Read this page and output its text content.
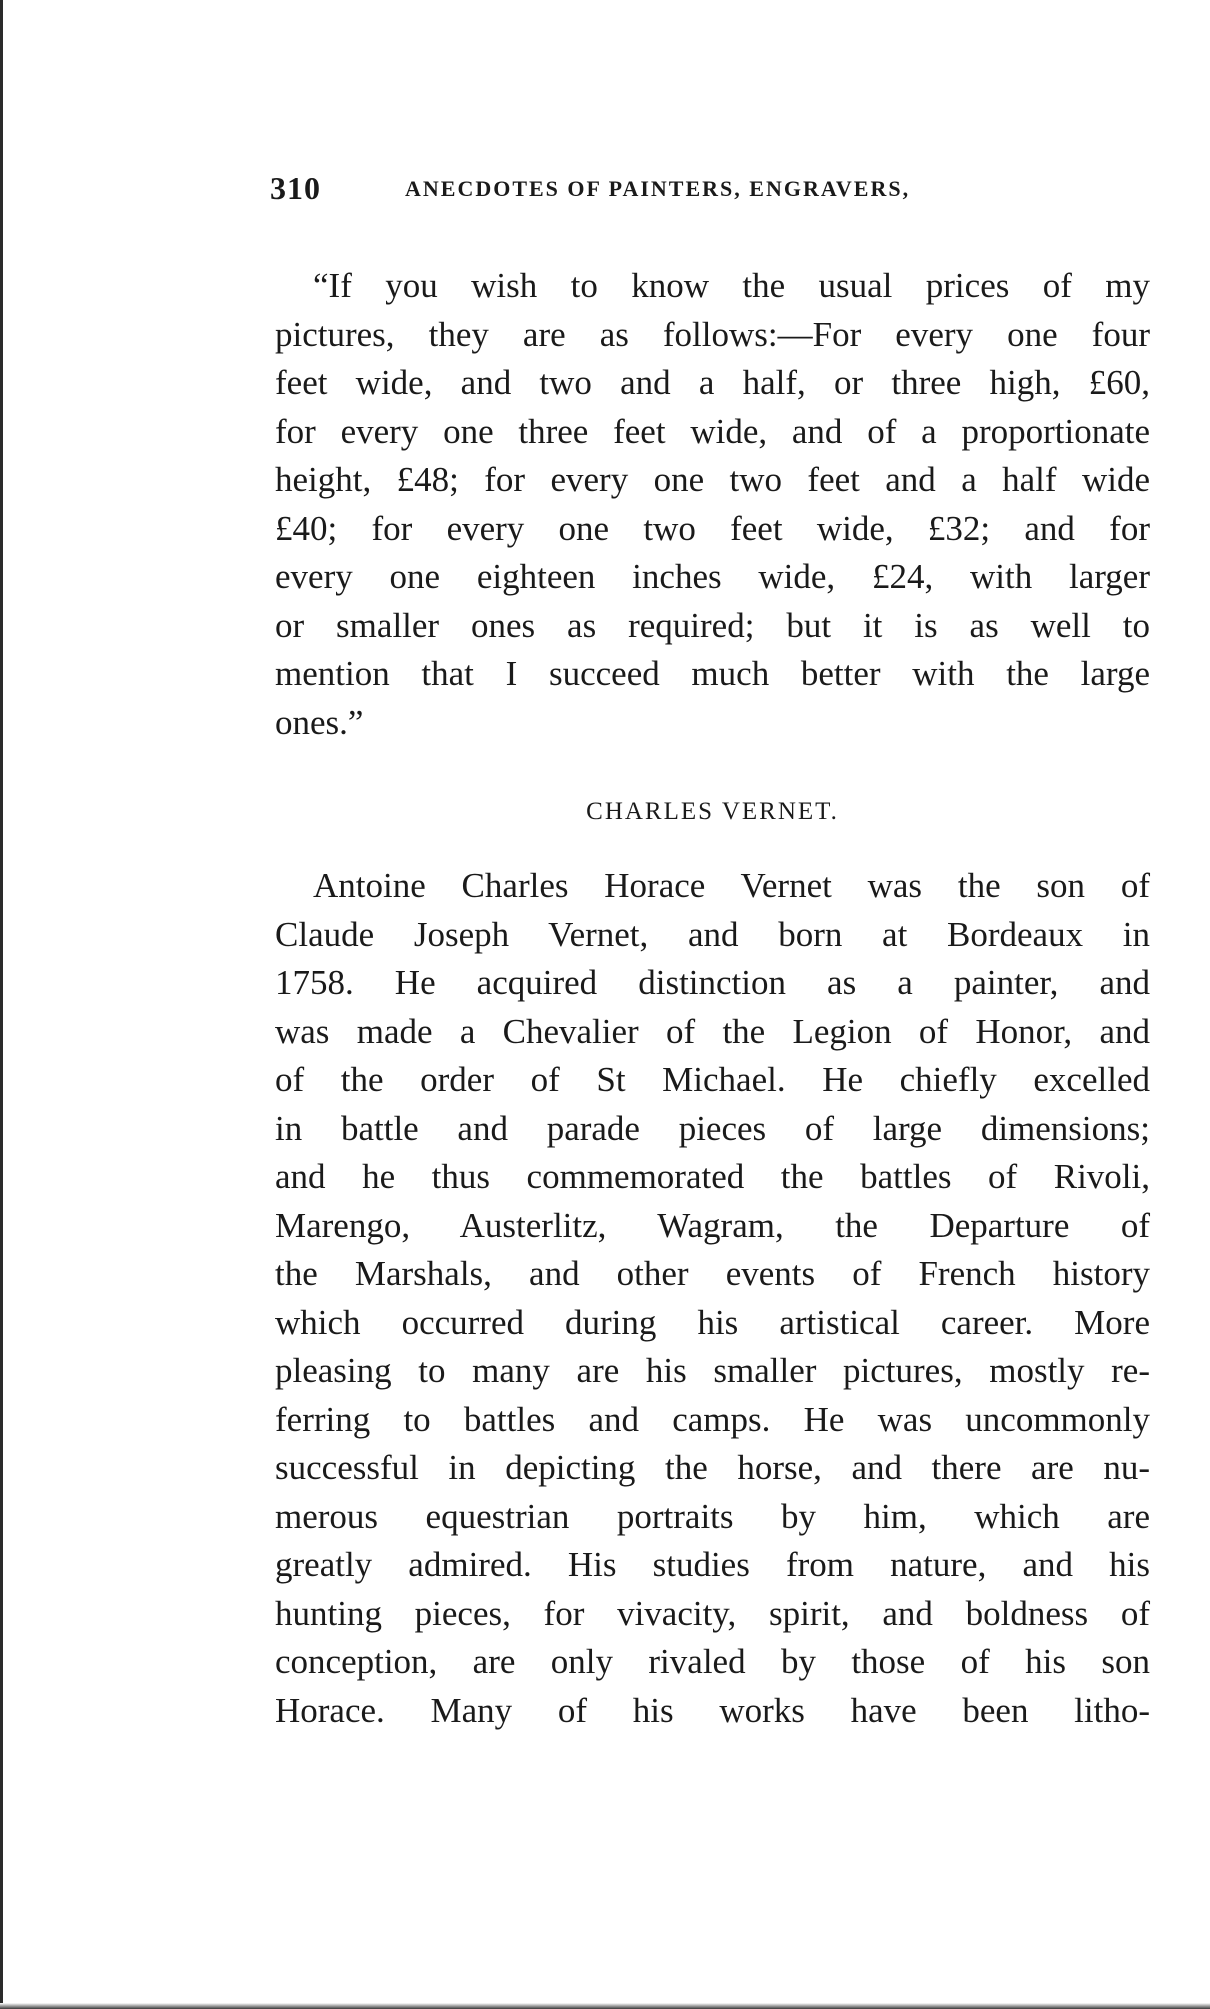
310	ANECDOTES OF PAINTERS, ENGRAVERS,
“If you wish to know the usual prices of my
pictures, they are as follows:—For every one four
feet wide, and two and a half, or three high, £60,
for every one three feet wide, and of a proportionate
height, £48; for every one two feet and a half wide
£40; for every one two feet wide, £32; and for
every one eighteen inches wide, £24, with larger
or smaller ones as required; but it is as well to
mention that I succeed much better with the large
ones.”
CHARLES VERNET.
Antoine Charles Horace Vernet was the son of
Claude Joseph Vernet, and born at Bordeaux in
1758. He acquired distinction as a painter, and
was made a Chevalier of the Legion of Honor, and
of the order of St Michael. He chiefly excelled
in battle and parade pieces of large dimensions;
and he thus commemorated the battles of Rivoli,
Marengo, Austerlitz, Wagram, the Departure of
the Marshals, and other events of French history
which occurred during his artistical career. More
pleasing to many are his smaller pictures, mostly re-
ferring to battles and camps. He was uncommonly
successful in depicting the horse, and there are nu-
merous equestrian portraits by him, which are
greatly admired. His studies from nature, and his
hunting pieces, for vivacity, spirit, and boldness of
conception, are only rivaled by those of his son
Horace. Many of his works have been litho-
